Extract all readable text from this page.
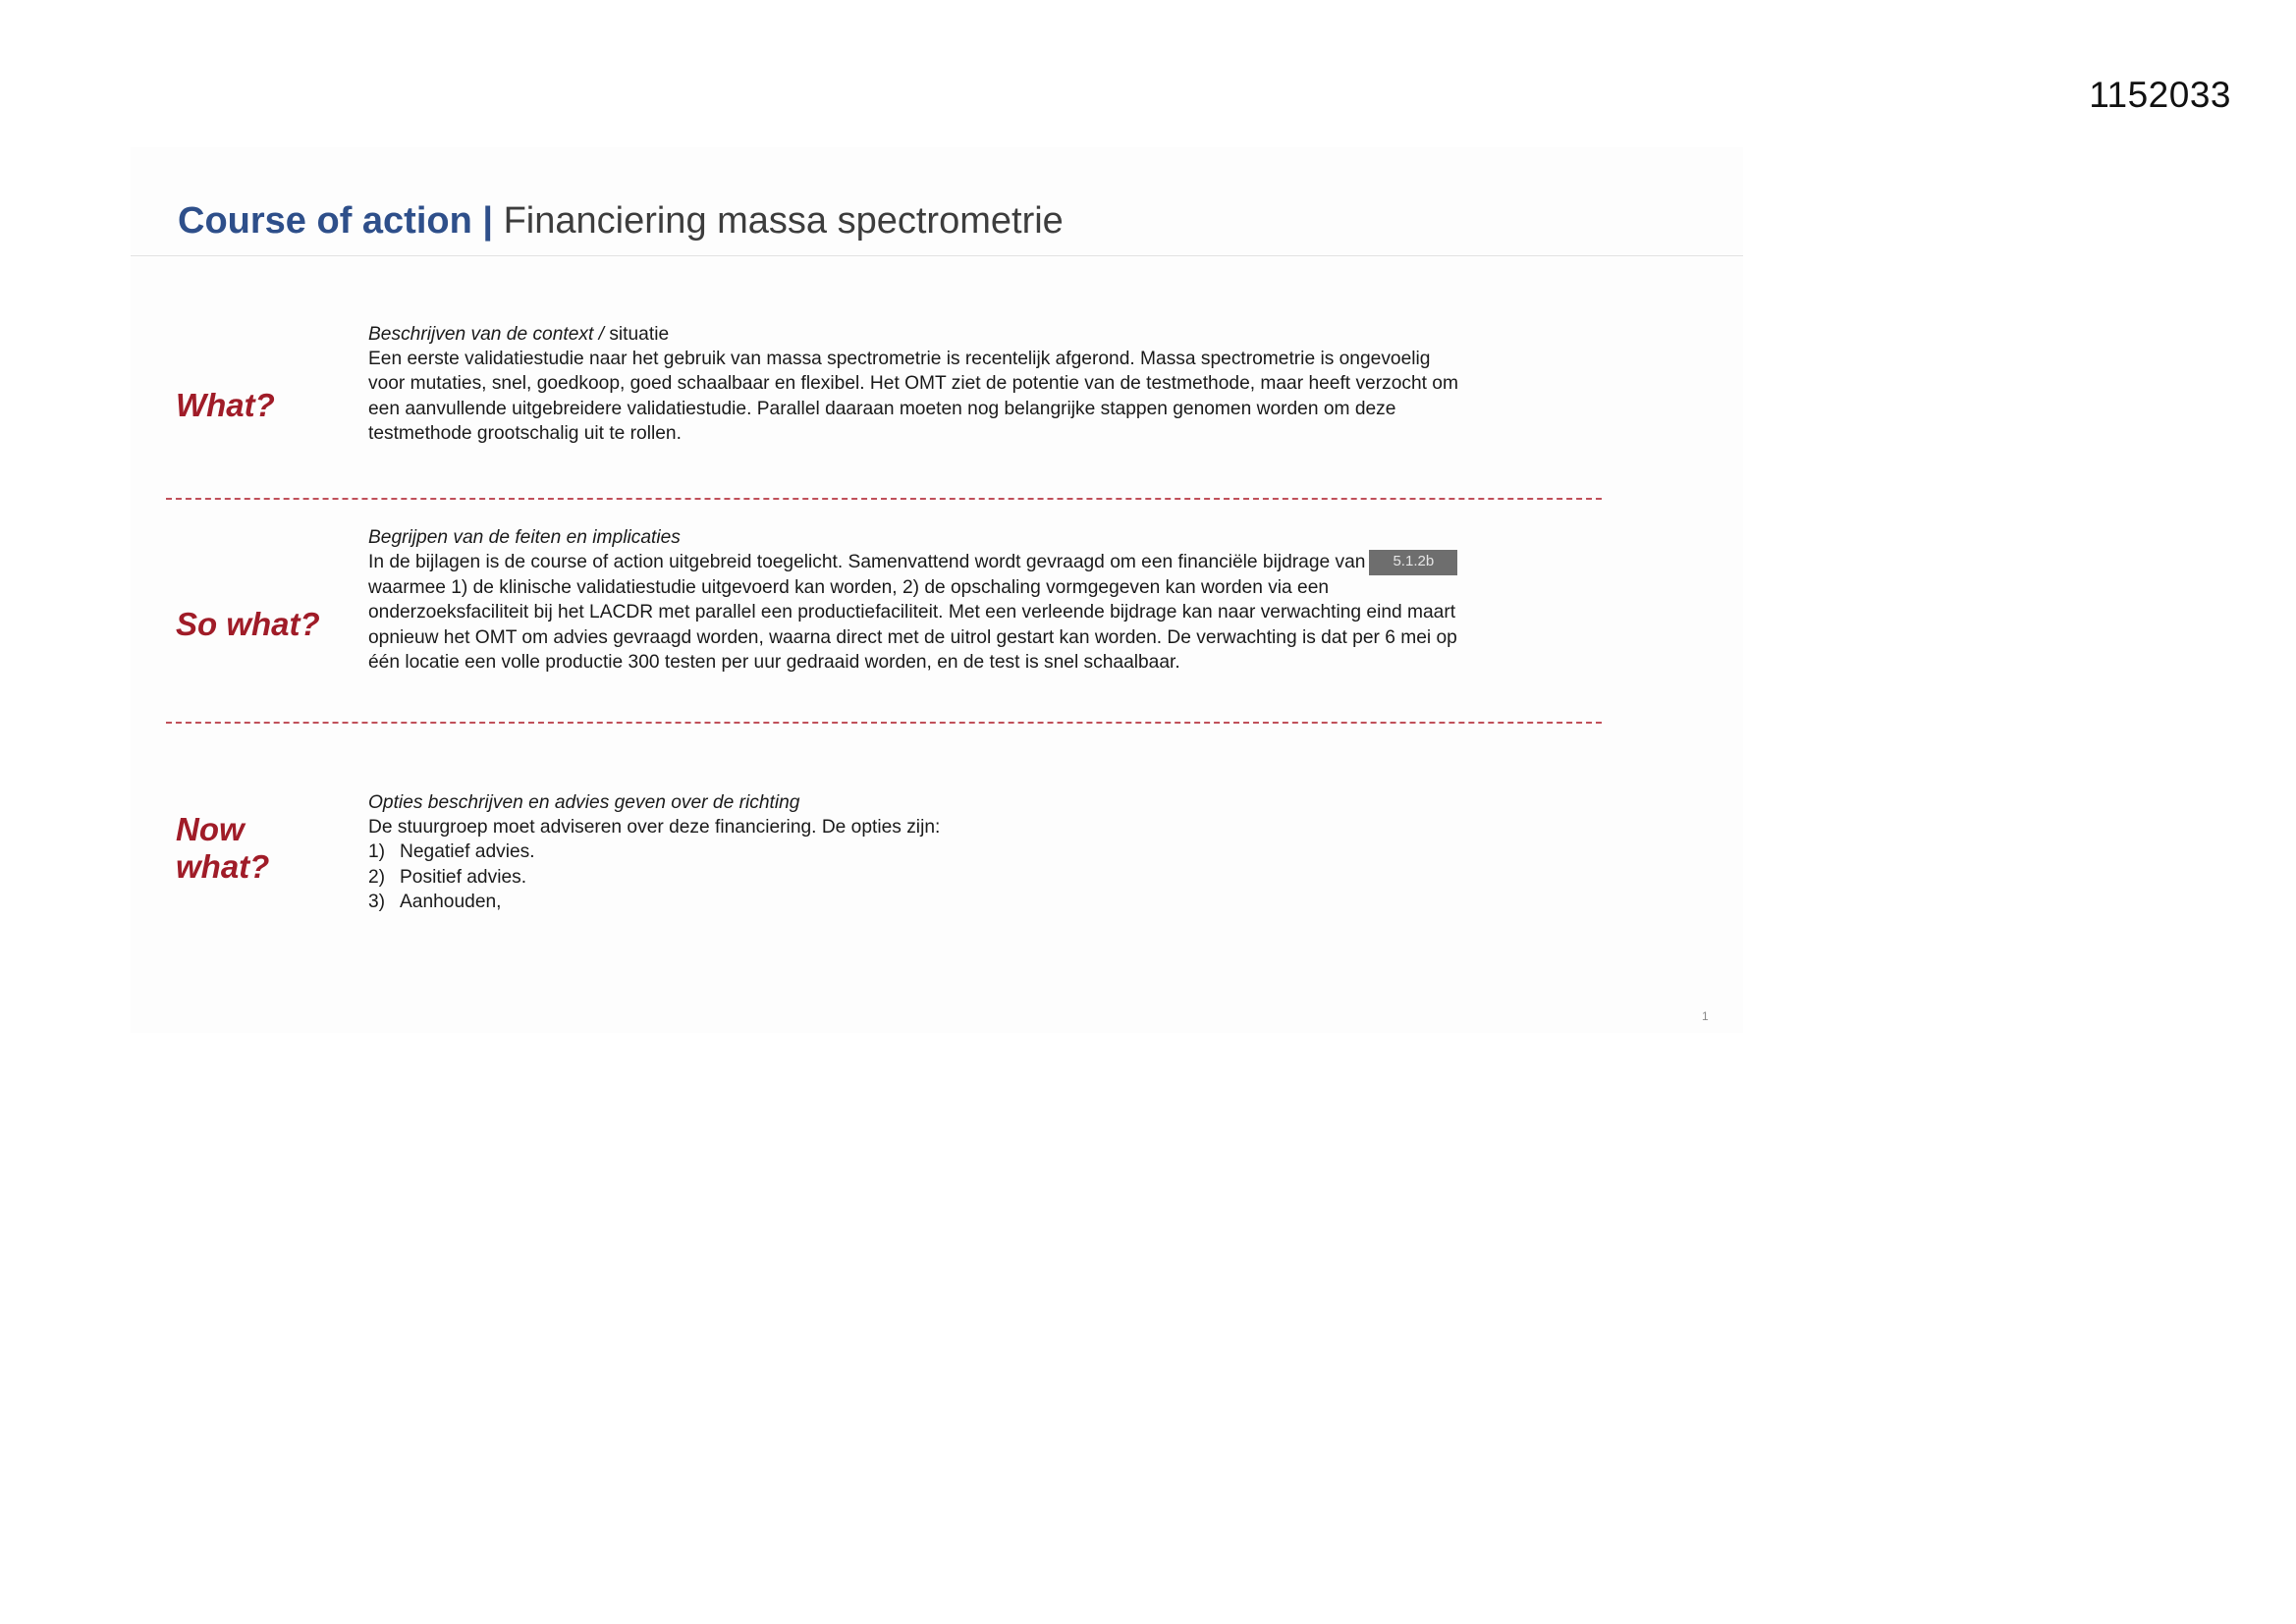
1152033
Course of action | Financiering massa spectrometrie
What?

Beschrijven van de context / situatie

Een eerste validatiestudie naar het gebruik van massa spectrometrie is recentelijk afgerond. Massa spectrometrie is ongevoelig

voor mutaties, snel, goedkoop, goed schaalbaar en flexibel. Het OMT ziet de potentie van de testmethode, maar heeft verzocht om

een aanvullende uitgebreidere validatiestudie. Parallel daaraan moeten nog belangrijke stappen genomen worden om deze

testmethode grootschalig uit te rollen.

So what?

Begrijpen van de feiten en implicaties

In de bijlagen is de course of action uitgebreid toegelicht. Samenvattend wordt gevraagd om een financiële bijdrage van 5.1.2b

waarmee 1) de klinische validatiestudie uitgevoerd kan worden, 2) de opschaling vormgegeven kan worden via een

onderzoeksfaciliteit bij het LACDR met parallel een productiefaciliteit. Met een verleende bijdrage kan naar verwachting eind maart

opnieuw het OMT om advies gevraagd worden, waarna direct met de uitrol gestart kan worden. De verwachting is dat per 6 mei op

één locatie een volle productie 300 testen per uur gedraaid worden, en de test is snel schaalbaar.

Now
what?

Opties beschrijven en advies geven over de richting

De stuurgroep moet adviseren over deze financiering. De opties zijn:

1) Negatief advies.
2) Positief advies.
3) Aanhouden,
1
